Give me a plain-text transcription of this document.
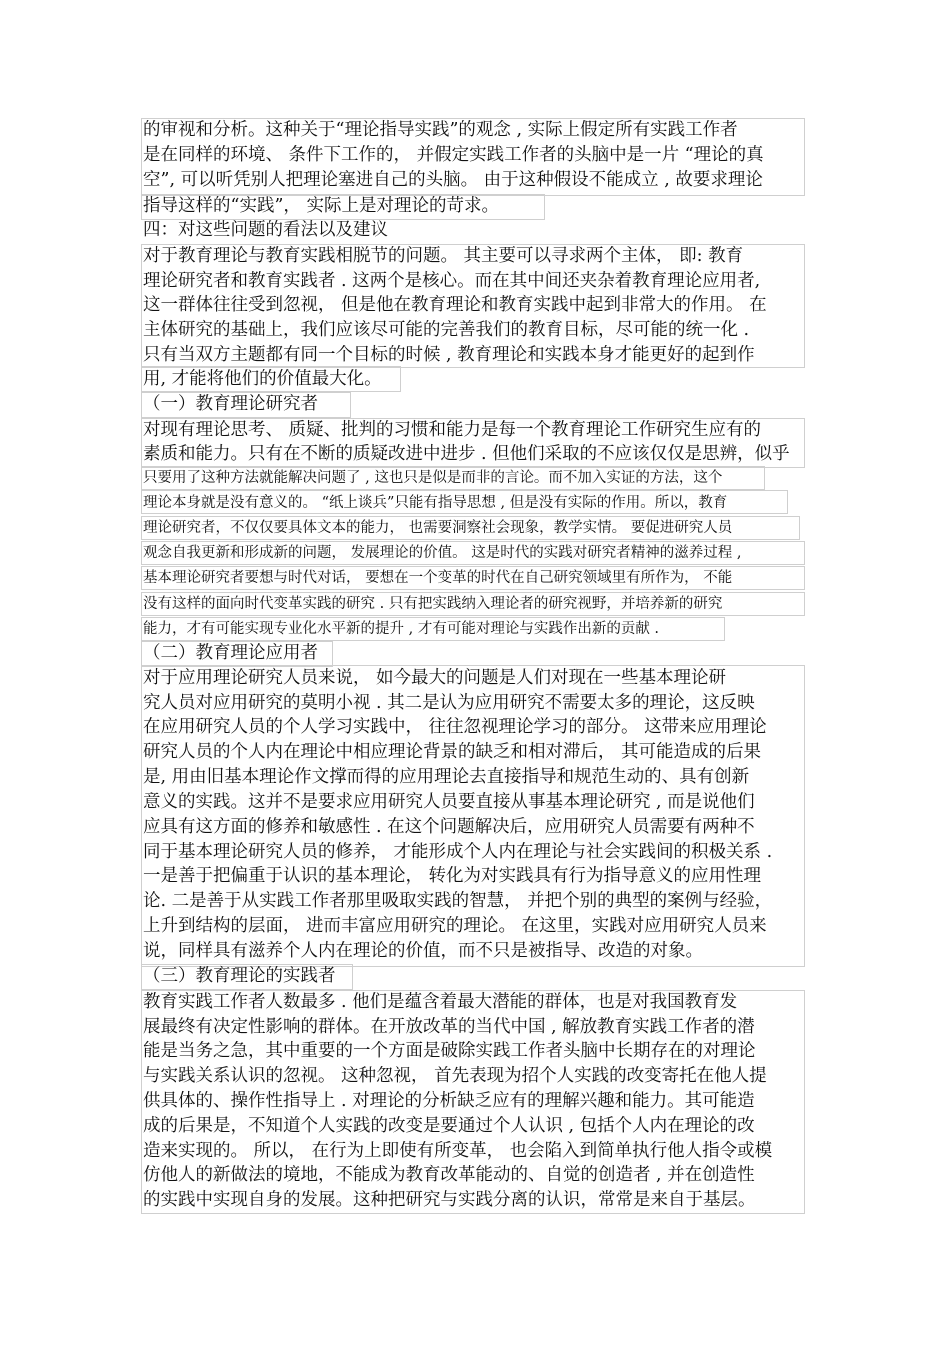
的审视和分析。这种关于“理论指导实践”的观念 , 实际上假定所有实践工作者
是在同样的环境、 条件下工作的， 并假定实践工作者的头脑中是一片 “理论的真
空”, 可以听凭别人把理论塞进自己的头脑。 由于这种假设不能成立 , 故要求理论
指导这样的“实践”， 实际上是对理论的苛求。
四：对这些问题的看法以及建议
对于教育理论与教育实践相脱节的问题。 其主要可以寻求两个主体， 即: 教育
理论研究者和教育实践者 . 这两个是核心。而在其中间还夹杂着教育理论应用者,
这一群体往往受到忽视， 但是他在教育理论和教育实践中起到非常大的作用。 在
主体研究的基础上，我们应该尽可能的完善我们的教育目标，尽可能的统一化 .
只有当双方主题都有同一个目标的时候 , 教育理论和实践本身才能更好的起到作
用, 才能将他们的价值最大化。
（一）教育理论研究者
对现有理论思考、 质疑、批判的习惯和能力是每一个教育理论工作研究生应有的
素质和能力。只有在不断的质疑改进中进步 . 但他们采取的不应该仅仅是思辨，似乎
只要用了这种方法就能解决问题了 , 这也只是似是而非的言论。而不加入实证的方法，这个
理论本身就是没有意义的。 “纸上谈兵”只能有指导思想 , 但是没有实际的作用。所以，教育
理论研究者，不仅仅要具体文本的能力， 也需要洞察社会现象，教学实情。 要促进研究人员
观念自我更新和形成新的问题， 发展理论的价值。 这是时代的实践对研究者精神的滋养过程 ,
基本理论研究者要想与时代对话， 要想在一个变革的时代在自己研究领域里有所作为， 不能
没有这样的面向时代变革实践的研究 . 只有把实践纳入理论者的研究视野，并培养新的研究
能力，才有可能实现专业化水平新的提升 , 才有可能对理论与实践作出新的贡献 .
（二）教育理论应用者
对于应用理论研究人员来说， 如今最大的问题是人们对现在一些基本理论研
究人员对应用研究的莫明小视 . 其二是认为应用研究不需要太多的理论，这反映
在应用研究人员的个人学习实践中， 往往忽视理论学习的部分。 这带来应用理论
研究人员的个人内在理论中相应理论背景的缺乏和相对滞后， 其可能造成的后果
是, 用由旧基本理论作文撑而得的应用理论去直接指导和规范生动的、具有创新
意义的实践。这并不是要求应用研究人员要直接从事基本理论研究 , 而是说他们
应具有这方面的修养和敏感性 . 在这个问题解决后，应用研究人员需要有两种不
同于基本理论研究人员的修养， 才能形成个人内在理论与社会实践间的积极关系 .
一是善于把偏重于认识的基本理论， 转化为对实践具有行为指导意义的应用性理
论. 二是善于从实践工作者那里吸取实践的智慧， 并把个别的典型的案例与经验，
上升到结构的层面， 进而丰富应用研究的理论。 在这里，实践对应用研究人员来
说，同样具有滋养个人内在理论的价值，而不只是被指导、改造的对象。
（三）教育理论的实践者
教育实践工作者人数最多 . 他们是蕴含着最大潜能的群体，也是对我国教育发
展最终有决定性影响的群体。在开放改革的当代中国 , 解放教育实践工作者的潜
能是当务之急，其中重要的一个方面是破除实践工作者头脑中长期存在的对理论
与实践关系认识的忽视。 这种忽视， 首先表现为招个人实践的改变寄托在他人提
供具体的、操作性指导上 . 对理论的分析缺乏应有的理解兴趣和能力。其可能造
成的后果是，不知道个人实践的改变是要通过个人认识 , 包括个人内在理论的改
造来实现的。 所以， 在行为上即使有所变革， 也会陷入到简单执行他人指令或模
仿他人的新做法的境地，不能成为教育改革能动的、自觉的创造者 , 并在创造性
的实践中实现自身的发展。这种把研究与实践分离的认识，常常是来自于基层。
